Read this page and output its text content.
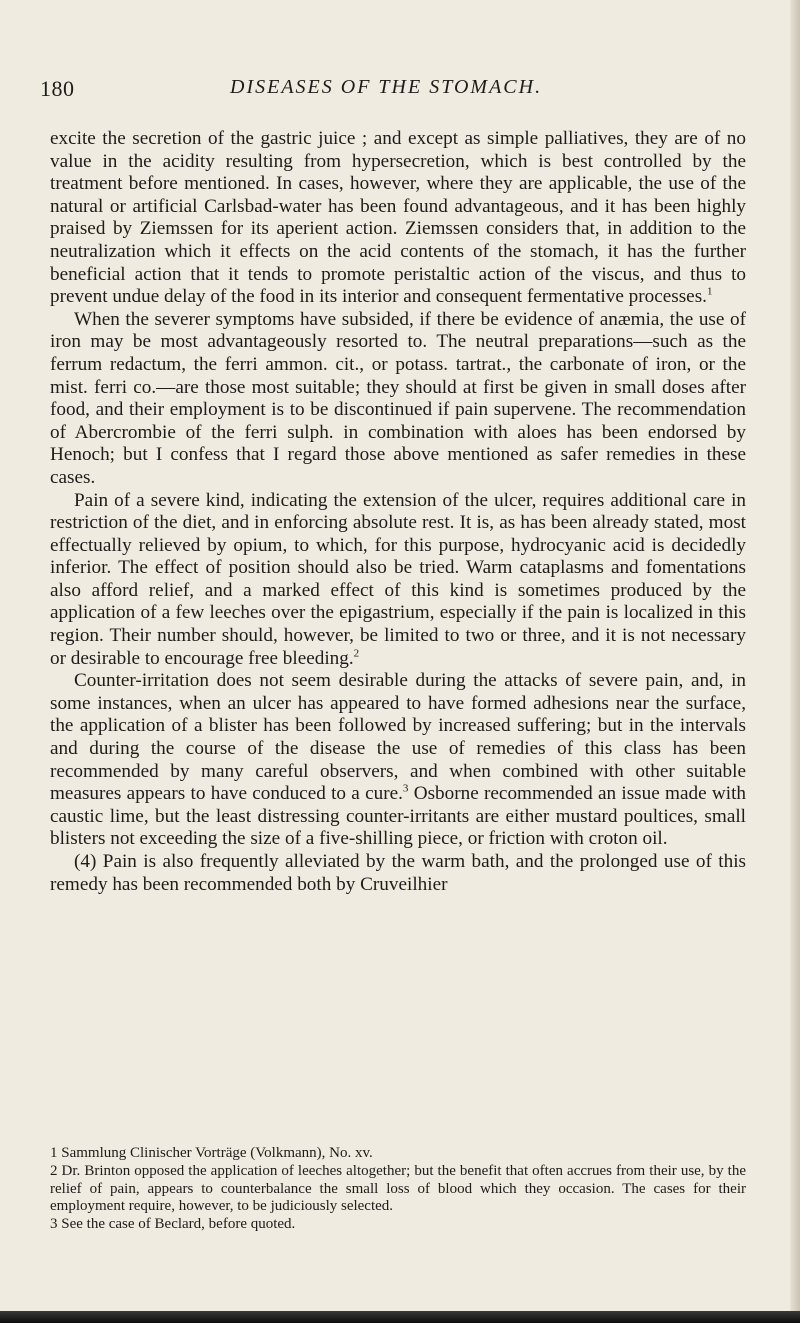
180	DISEASES OF THE STOMACH.

excite the secretion of the gastric juice ; and except as simple palliatives, they are of no value in the acidity resulting from hypersecretion, which is best controlled by the treatment before mentioned. In cases, however, where they are applicable, the use of the natural or artificial Carlsbad-water has been found advantageous, and it has been highly praised by Ziemssen for its aperient action. Ziemssen considers that, in addition to the neutralization which it effects on the acid contents of the stomach, it has the further beneficial action that it tends to promote peristaltic action of the viscus, and thus to prevent undue delay of the food in its interior and consequent fermentative processes.$^1$

When the severer symptoms have subsided, if there be evidence of anæmia, the use of iron may be most advantageously resorted to. The neutral preparations—such as the ferrum redactum, the ferri ammon. cit., or potass. tartrat., the carbonate of iron, or the mist. ferri co.—are those most suitable; they should at first be given in small doses after food, and their employment is to be discontinued if pain supervene. The recommendation of Abercrombie of the ferri sulph. in combination with aloes has been endorsed by Henoch; but I confess that I regard those above mentioned as safer remedies in these cases.

Pain of a severe kind, indicating the extension of the ulcer, requires additional care in restriction of the diet, and in enforcing absolute rest. It is, as has been already stated, most effectually relieved by opium, to which, for this purpose, hydrocyanic acid is decidedly inferior. The effect of position should also be tried. Warm cataplasms and fomentations also afford relief, and a marked effect of this kind is sometimes produced by the application of a few leeches over the epigastrium, especially if the pain is localized in this region. Their number should, however, be limited to two or three, and it is not necessary or desirable to encourage free bleeding.$^2$

Counter-irritation does not seem desirable during the attacks of severe pain, and, in some instances, when an ulcer has appeared to have formed adhesions near the surface, the application of a blister has been followed by increased suffering; but in the intervals and during the course of the disease the use of remedies of this class has been recommended by many careful observers, and when combined with other suitable measures appears to have conduced to a cure.$^3$ Osborne recommended an issue made with caustic lime, but the least distressing counter-irritants are either mustard poultices, small blisters not exceeding the size of a five-shilling piece, or friction with croton oil.

(4) Pain is also frequently alleviated by the warm bath, and the prolonged use of this remedy has been recommended both by Cruveilhier

1 Sammlung Clinischer Vorträge (Volkmann), No. xv.

2 Dr. Brinton opposed the application of leeches altogether; but the benefit that often accrues from their use, by the relief of pain, appears to counterbalance the small loss of blood which they occasion. The cases for their employment require, however, to be judiciously selected.

3 See the case of Beclard, before quoted.
